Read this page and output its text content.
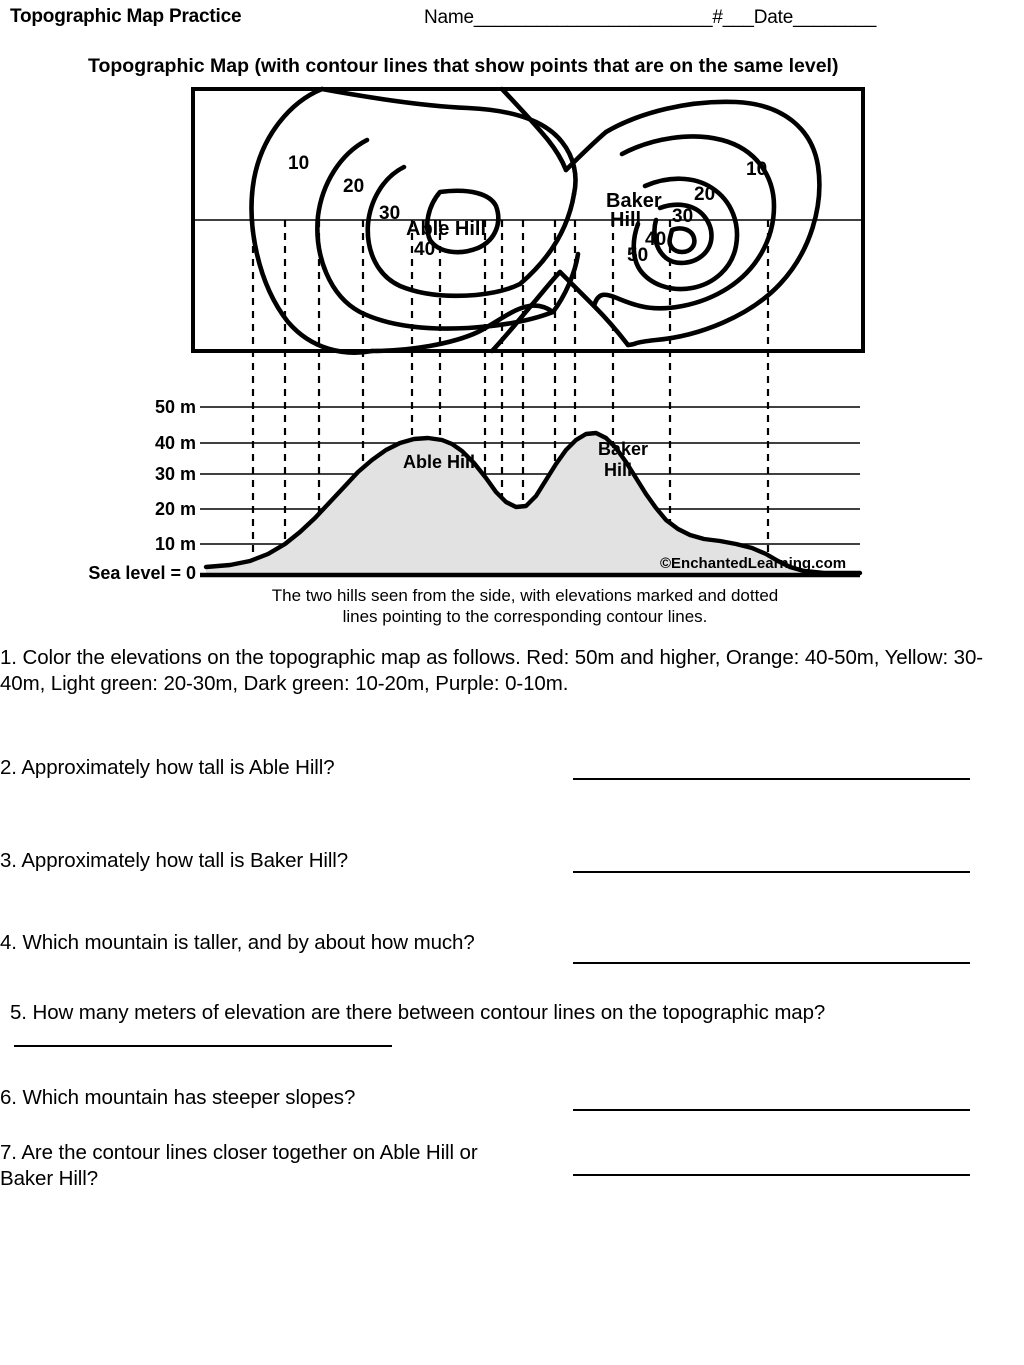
Topographic Map Practice	Name_______________________#___Date________
Topographic Map (with contour lines that show points that are on the same level)
10
20
30
40
10
20
30
40
50
Able Hill
Baker
Hill
50 m
40 m
30 m
20 m
10 m
Sea level = 0
Able Hill
Baker
Hill
©EnchantedLearning.com
The two hills seen from the side, with elevations marked and dotted
lines pointing to the corresponding contour lines.
1. Color the elevations on the topographic map as follows. Red: 50m and higher, Orange: 40-50m, Yellow: 30-40m, Light green: 20-30m, Dark green: 10-20m, Purple: 0-10m.
2. Approximately how tall is Able Hill?
3. Approximately how tall is Baker Hill?
4. Which mountain is taller, and by about how much?
5. How many meters of elevation are there between contour lines on the topographic map?
6. Which mountain has steeper slopes?
7. Are the contour lines closer together on Able Hill or Baker Hill?
